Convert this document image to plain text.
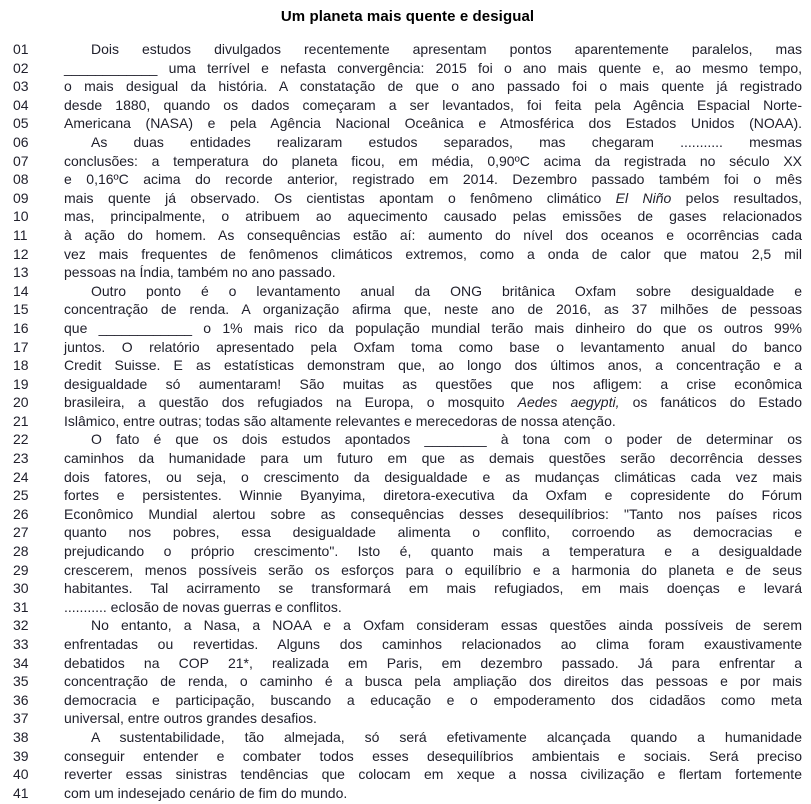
Um planeta mais quente e desigual
01	Dois estudos divulgados recentemente apresentam pontos aparentemente paralelos, mas
02	____________ uma terrível e nefasta convergência: 2015 foi o ano mais quente e, ao mesmo tempo,
03	o mais desigual da história. A constatação de que o ano passado foi o mais quente já registrado
04	desde 1880, quando os dados começaram a ser levantados, foi feita pela Agência Espacial Norte-
05	Americana (NASA) e pela Agência Nacional Oceânica e Atmosférica dos Estados Unidos (NOAA).
06	As duas entidades realizaram estudos separados, mas chegaram ........... mesmas
07	conclusões: a temperatura do planeta ficou, em média, 0,90ºC acima da registrada no século XX
08	e 0,16ºC acima do recorde anterior, registrado em 2014. Dezembro passado também foi o mês
09	mais quente já observado. Os cientistas apontam o fenômeno climático El Niño pelos resultados,
10	mas, principalmente, o atribuem ao aquecimento causado pelas emissões de gases relacionados
11	à ação do homem. As consequências estão aí: aumento do nível dos oceanos e ocorrências cada
12	vez mais frequentes de fenômenos climáticos extremos, como a onda de calor que matou 2,5 mil
13	pessoas na Índia, também no ano passado.
14	Outro ponto é o levantamento anual da ONG britânica Oxfam sobre desigualdade e
15	concentração de renda. A organização afirma que, neste ano de 2016, as 37 milhões de pessoas
16	que ____________ o 1% mais rico da população mundial terão mais dinheiro do que os outros 99%
17	juntos. O relatório apresentado pela Oxfam toma como base o levantamento anual do banco
18	Credit Suisse. E as estatísticas demonstram que, ao longo dos últimos anos, a concentração e a
19	desigualdade só aumentaram! São muitas as questões que nos afligem: a crise econômica
20	brasileira, a questão dos refugiados na Europa, o mosquito Aedes aegypti, os fanáticos do Estado
21	Islâmico, entre outras; todas são altamente relevantes e merecedoras de nossa atenção.
22	O fato é que os dois estudos apontados ________ à tona com o poder de determinar os
23	caminhos da humanidade para um futuro em que as demais questões serão decorrência desses
24	dois fatores, ou seja, o crescimento da desigualdade e as mudanças climáticas cada vez mais
25	fortes e persistentes. Winnie Byanyima, diretora-executiva da Oxfam e copresidente do Fórum
26	Econômico Mundial alertou sobre as consequências desses desequilíbrios: "Tanto nos países ricos
27	quanto nos pobres, essa desigualdade alimenta o conflito, corroendo as democracias e
28	prejudicando o próprio crescimento". Isto é, quanto mais a temperatura e a desigualdade
29	crescerem, menos possíveis serão os esforços para o equilíbrio e a harmonia do planeta e de seus
30	habitantes. Tal acirramento se transformará em mais refugiados, em mais doenças e levará
31	........... eclosão de novas guerras e conflitos.
32	No entanto, a Nasa, a NOAA e a Oxfam consideram essas questões ainda possíveis de serem
33	enfrentadas ou revertidas. Alguns dos caminhos relacionados ao clima foram exaustivamente
34	debatidos na COP 21*, realizada em Paris, em dezembro passado. Já para enfrentar a
35	concentração de renda, o caminho é a busca pela ampliação dos direitos das pessoas e por mais
36	democracia e participação, buscando a educação e o empoderamento dos cidadãos como meta
37	universal, entre outros grandes desafios.
38	A sustentabilidade, tão almejada, só será efetivamente alcançada quando a humanidade
39	conseguir entender e combater todos esses desequilíbrios ambientais e sociais. Será preciso
40	reverter essas sinistras tendências que colocam em xeque a nossa civilização e flertam fortemente
41	com um indesejado cenário de fim do mundo.
